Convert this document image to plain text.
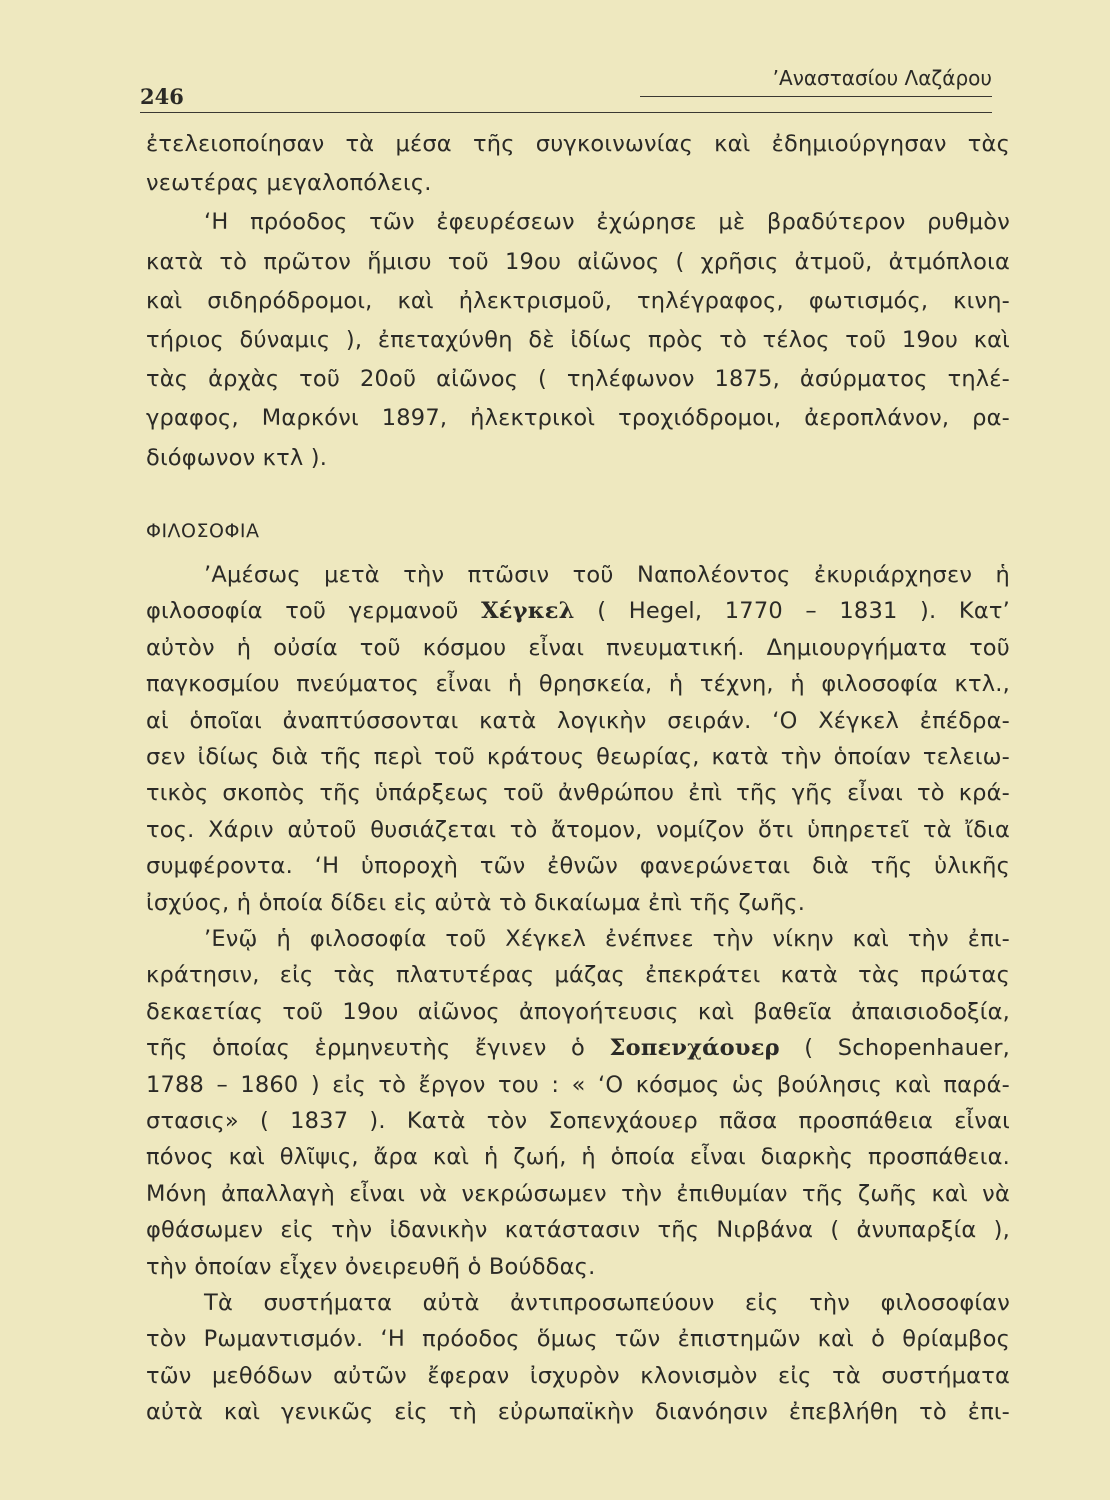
246
’Αναστασίου Λαζάρου
ἐτελειοποίησαν τὰ μέσα τῆς συγκοινωνίας καὶ ἐδημιούργησαν τὰς
νεωτέρας μεγαλοπόλεις.
‘Η πρόοδος τῶν ἐφευρέσεων ἐχώρησε μὲ βραδύτερον ρυθμὸν
κατὰ τὸ πρῶτον ἥμισυ τοῦ 19ου αἰῶνος ( χρῆσις ἀτμοῦ, ἀτμόπλοια
καὶ σιδηρόδρομοι, καὶ ἠλεκτρισμοῦ, τηλέγραφος, φωτισμός, κινη-
τήριος δύναμις ), ἐπεταχύνθη δὲ ἰδίως πρὸς τὸ τέλος τοῦ 19ου καὶ
τὰς ἀρχὰς τοῦ 20οῦ αἰῶνος ( τηλέφωνον 1875, ἀσύρματος τηλέ-
γραφος, Μαρκόνι 1897, ἠλεκτρικοὶ τροχιόδρομοι, ἀεροπλάνον, ρα-
διόφωνον κτλ ).
ΦΙΛΟΣΟΦΙΑ
’Αμέσως μετὰ τὴν πτῶσιν τοῦ Ναπολέοντος ἐκυριάρχησεν ἡ
φιλοσοφία τοῦ γερμανοῦ Χέγκελ ( Hegel, 1770 – 1831 ). Κατ’
αὐτὸν ἡ οὐσία τοῦ κόσμου εἶναι πνευματική. Δημιουργήματα τοῦ
παγκοσμίου πνεύματος εἶναι ἡ θρησκεία, ἡ τέχνη, ἡ φιλοσοφία κτλ.,
αἱ ὁποῖαι ἀναπτύσσονται κατὰ λογικὴν σειράν. ‘Ο Χέγκελ ἐπέδρα-
σεν ἰδίως διὰ τῆς περὶ τοῦ κράτους θεωρίας, κατὰ τὴν ὁποίαν τελειω-
τικὸς σκοπὸς τῆς ὑπάρξεως τοῦ ἀνθρώπου ἐπὶ τῆς γῆς εἶναι τὸ κρά-
τος. Χάριν αὐτοῦ θυσιάζεται τὸ ἄτομον, νομίζον ὅτι ὑπηρετεῖ τὰ ἴδια
συμφέροντα. ‘Η ὑποροχὴ τῶν ἐθνῶν φανερώνεται διὰ τῆς ὑλικῆς
ἰσχύος, ἡ ὁποία δίδει εἰς αὐτὰ τὸ δικαίωμα ἐπὶ τῆς ζωῆς.
’Ενῷ ἡ φιλοσοφία τοῦ Χέγκελ ἐνέπνεε τὴν νίκην καὶ τὴν ἐπι-
κράτησιν, εἰς τὰς πλατυτέρας μάζας ἐπεκράτει κατὰ τὰς πρώτας
δεκαετίας τοῦ 19ου αἰῶνος ἀπογοήτευσις καὶ βαθεῖα ἀπαισιοδοξία,
τῆς ὁποίας ἑρμηνευτὴς ἔγινεν ὁ Σοπενχάουερ ( Schopenhauer,
1788 – 1860 ) εἰς τὸ ἔργον του : « ‘Ο κόσμος ὡς βούλησις καὶ παρά-
στασις» ( 1837 ). Κατὰ τὸν Σοπενχάουερ πᾶσα προσπάθεια εἶναι
πόνος καὶ θλῖψις, ἄρα καὶ ἡ ζωή, ἡ ὁποία εἶναι διαρκὴς προσπάθεια.
Μόνη ἀπαλλαγὴ εἶναι νὰ νεκρώσωμεν τὴν ἐπιθυμίαν τῆς ζωῆς καὶ νὰ
φθάσωμεν εἰς τὴν ἰδανικὴν κατάστασιν τῆς Νιρβάνα ( ἀνυπαρξία ),
τὴν ὁποίαν εἶχεν ὀνειρευθῆ ὁ Βούδδας.
Τὰ συστήματα αὐτὰ ἀντιπροσωπεύουν εἰς τὴν φιλοσοφίαν
τὸν Ρωμαντισμόν. ‘Η πρόοδος ὅμως τῶν ἐπιστημῶν καὶ ὁ θρίαμβος
τῶν μεθόδων αὐτῶν ἔφεραν ἰσχυρὸν κλονισμὸν εἰς τὰ συστήματα
αὐτὰ καὶ γενικῶς εἰς τὴ εὐρωπαϊκὴν διανόησιν ἐπεβλήθη τὸ ἐπι-
